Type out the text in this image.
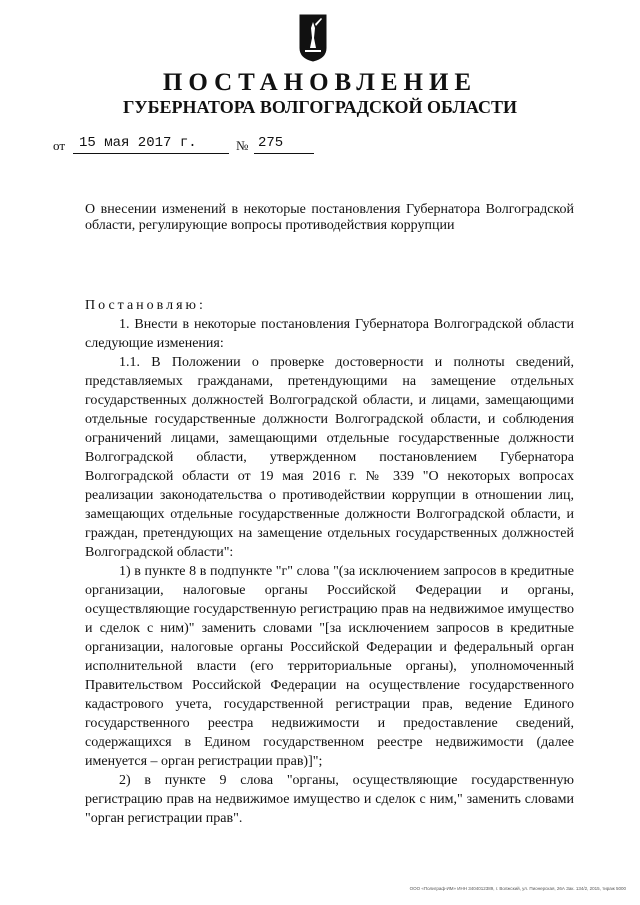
ПОСТАНОВЛЕНИЕ
ГУБЕРНАТОРА ВОЛГОГРАДСКОЙ ОБЛАСТИ
от 15 мая 2017 г.	№ 275
О внесении изменений в некоторые постановления Губернатора Волгоградской области, регулирующие вопросы противодействия коррупции

Постановляю:

1. Внести в некоторые постановления Губернатора Волгоградской области следующие изменения:

1.1. В Положении о проверке достоверности и полноты сведений, представляемых гражданами, претендующими на замещение отдельных государственных должностей Волгоградской области, и лицами, замещающими отдельные государственные должности Волгоградской области, и соблюдения ограничений лицами, замещающими отдельные государственные должности Волгоградской области, утвержденном постановлением Губернатора Волгоградской области от 19 мая 2016 г. № 339 "О некоторых вопросах реализации законодательства о противодействии коррупции в отношении лиц, замещающих отдельные государственные должности Волгоградской области, и граждан, претендующих на замещение отдельных государственных должностей Волгоградской области":

1) в пункте 8 в подпункте "г" слова "(за исключением запросов в кредитные организации, налоговые органы Российской Федерации и органы, осуществляющие государственную регистрацию прав на недвижимое имущество и сделок с ним)" заменить словами "[за исключением запросов в кредитные организации, налоговые органы Российской Федерации и федеральный орган исполнительной власти (его территориальные органы), уполномоченный Правительством Российской Федерации на осуществление государственного кадастрового учета, государственной регистрации прав, ведение Единого государственного реестра недвижимости и предоставление сведений, содержащихся в Едином государственном реестре недвижимости (далее именуется – орган регистрации прав)]";

2) в пункте 9 слова "органы, осуществляющие государственную регистрацию прав на недвижимое имущество и сделок с ним," заменить словами "орган регистрации прав".

ООО «Полиграф-ИМ» ИНН 3404012389, г. Волжский, ул. Пионерская, 26А Зак. 134/2, 2015, тираж 5000
